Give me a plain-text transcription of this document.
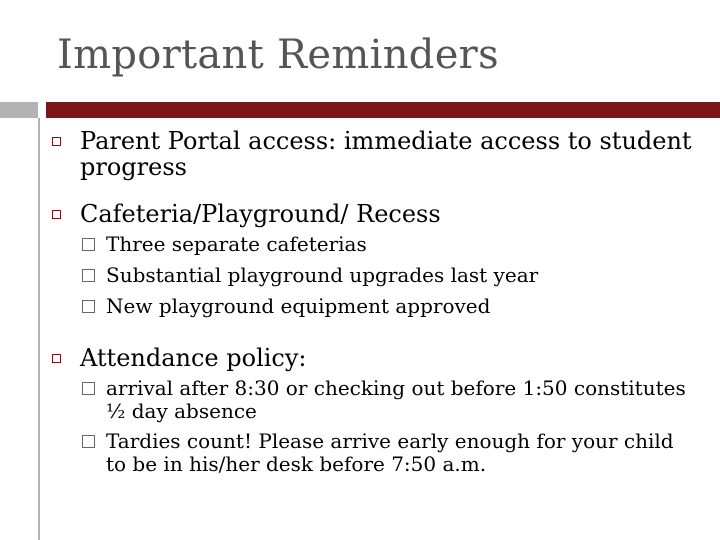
Important Reminders
Parent Portal access: immediate access to student progress
Cafeteria/Playground/ Recess
Three separate cafeterias
Substantial playground upgrades last year
New playground equipment approved
Attendance policy:
arrival after 8:30 or checking out before 1:50 constitutes ½ day absence
Tardies count! Please arrive early enough for your child to be in his/her desk before 7:50 a.m.
